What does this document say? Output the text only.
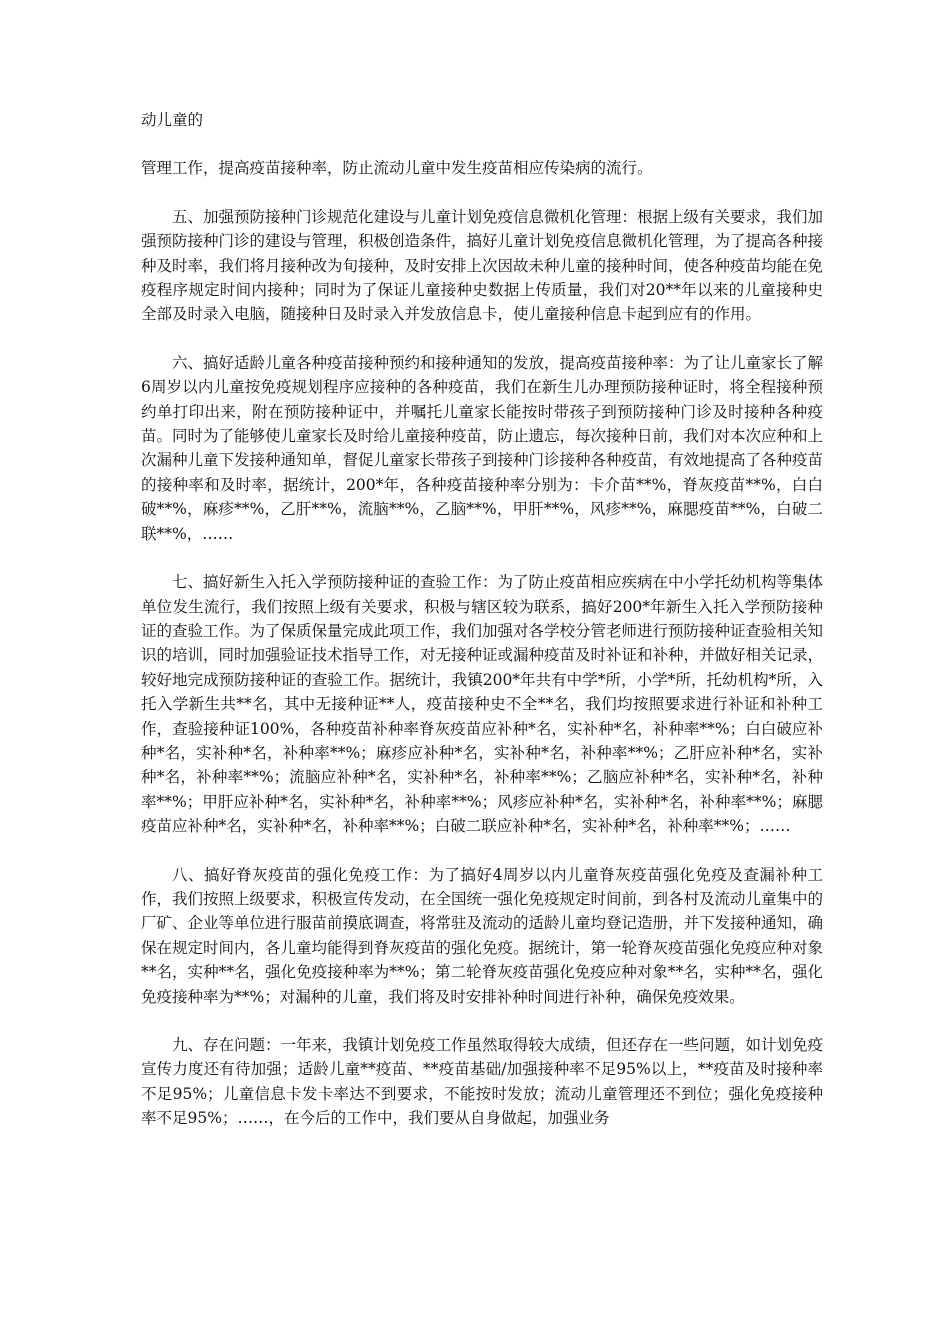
动儿童的

管理工作，提高疫苗接种率，防止流动儿童中发生疫苗相应传染病的流行。

五、加强预防接种门诊规范化建设与儿童计划免疫信息微机化管理：根据上级有关要求，我们加强预防接种门诊的建设与管理，积极创造条件，搞好儿童计划免疫信息微机化管理，为了提高各种接种及时率，我们将月接种改为旬接种，及时安排上次因故未种儿童的接种时间，使各种疫苗均能在免疫程序规定时间内接种；同时为了保证儿童接种史数据上传质量，我们对20**年以来的儿童接种史全部及时录入电脑，随接种日及时录入并发放信息卡，使儿童接种信息卡起到应有的作用。

六、搞好适龄儿童各种疫苗接种预约和接种通知的发放，提高疫苗接种率：为了让儿童家长了解6周岁以内儿童按免疫规划程序应接种的各种疫苗，我们在新生儿办理预防接种证时，将全程接种预约单打印出来，附在预防接种证中，并嘱托儿童家长能按时带孩子到预防接种门诊及时接种各种疫苗。同时为了能够使儿童家长及时给儿童接种疫苗，防止遗忘，每次接种日前，我们对本次应种和上次漏种儿童下发接种通知单，督促儿童家长带孩子到接种门诊接种各种疫苗，有效地提高了各种疫苗的接种率和及时率，据统计，200*年，各种疫苗接种率分别为：卡介苗**%，脊灰疫苗**%，白白破**%，麻疹**%，乙肝**%，流脑**%，乙脑**%，甲肝**%，风疹**%，麻腮疫苗**%，白破二联**%，……

七、搞好新生入托入学预防接种证的查验工作：为了防止疫苗相应疾病在中小学托幼机构等集体单位发生流行，我们按照上级有关要求，积极与辖区较为联系，搞好200*年新生入托入学预防接种证的查验工作。为了保质保量完成此项工作，我们加强对各学校分管老师进行预防接种证查验相关知识的培训，同时加强验证技术指导工作，对无接种证或漏种疫苗及时补证和补种，并做好相关记录，较好地完成预防接种证的查验工作。据统计，我镇200*年共有中学*所，小学*所，托幼机构*所，入托入学新生共**名，其中无接种证**人，疫苗接种史不全**名，我们均按照要求进行补证和补种工作，查验接种证100%，各种疫苗补种率脊灰疫苗应补种*名，实补种*名，补种率**%；白白破应补种*名，实补种*名，补种率**%；麻疹应补种*名，实补种*名，补种率**%；乙肝应补种*名，实补种*名，补种率**%；流脑应补种*名，实补种*名，补种率**%；乙脑应补种*名，实补种*名，补种率**%；甲肝应补种*名，实补种*名，补种率**%；风疹应补种*名，实补种*名，补种率**%；麻腮疫苗应补种*名，实补种*名，补种率**%；白破二联应补种*名，实补种*名，补种率**%；……

八、搞好脊灰疫苗的强化免疫工作：为了搞好4周岁以内儿童脊灰疫苗强化免疫及查漏补种工作，我们按照上级要求，积极宣传发动，在全国统一强化免疫规定时间前，到各村及流动儿童集中的厂矿、企业等单位进行服苗前摸底调查，将常驻及流动的适龄儿童均登记造册，并下发接种通知，确保在规定时间内，各儿童均能得到脊灰疫苗的强化免疫。据统计，第一轮脊灰疫苗强化免疫应种对象**名，实种**名，强化免疫接种率为**%；第二轮脊灰疫苗强化免疫应种对象**名，实种**名，强化免疫接种率为**%；对漏种的儿童，我们将及时安排补种时间进行补种，确保免疫效果。

九、存在问题：一年来，我镇计划免疫工作虽然取得较大成绩，但还存在一些问题，如计划免疫宣传力度还有待加强；适龄儿童**疫苗、**疫苗基础/加强接种率不足95%以上，**疫苗及时接种率不足95%；儿童信息卡发卡率达不到要求，不能按时发放；流动儿童管理还不到位；强化免疫接种率不足95%；……，在今后的工作中，我们要从自身做起，加强业务
